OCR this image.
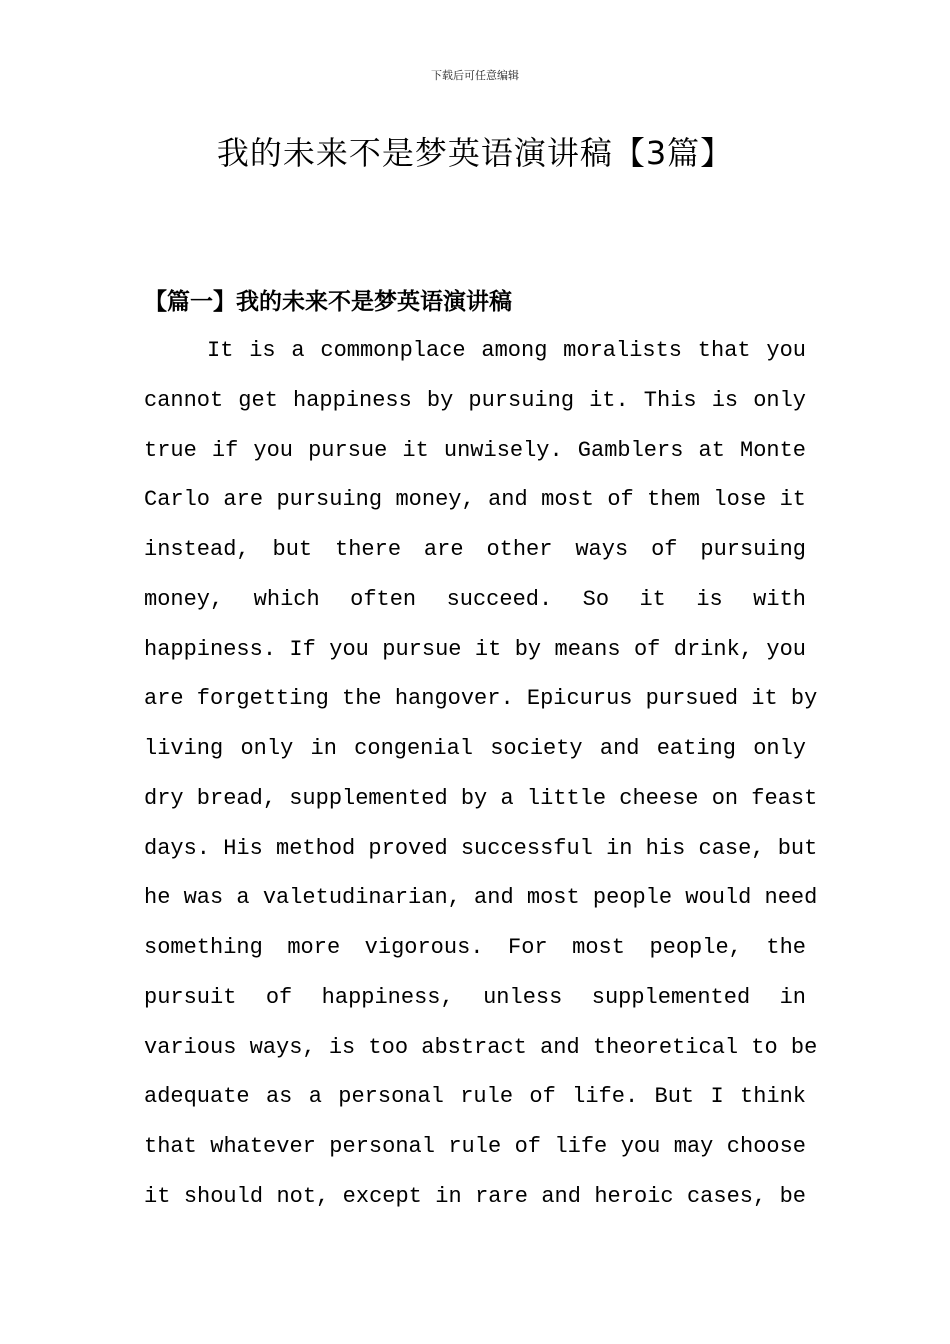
下载后可任意编辑
我的未来不是梦英语演讲稿【3篇】
【篇一】我的未来不是梦英语演讲稿
It is a commonplace among moralists that you
cannot get happiness by pursuing it. This is only
true if you pursue it unwisely. Gamblers at Monte
Carlo are pursuing money, and most of them lose it
instead, but there are other ways of pursuing
money, which often succeed. So it is with
happiness. If you pursue it by means of drink, you
are forgetting the hangover. Epicurus pursued it by
living only in congenial society and eating only
dry bread, supplemented by a little cheese on feast
days. His method proved successful in his case, but
he was a valetudinarian, and most people would need
something more vigorous. For most people, the
pursuit of happiness, unless supplemented in
various ways, is too abstract and theoretical to be
adequate as a personal rule of life. But I think
that whatever personal rule of life you may choose
it should not, except in rare and heroic cases, be
